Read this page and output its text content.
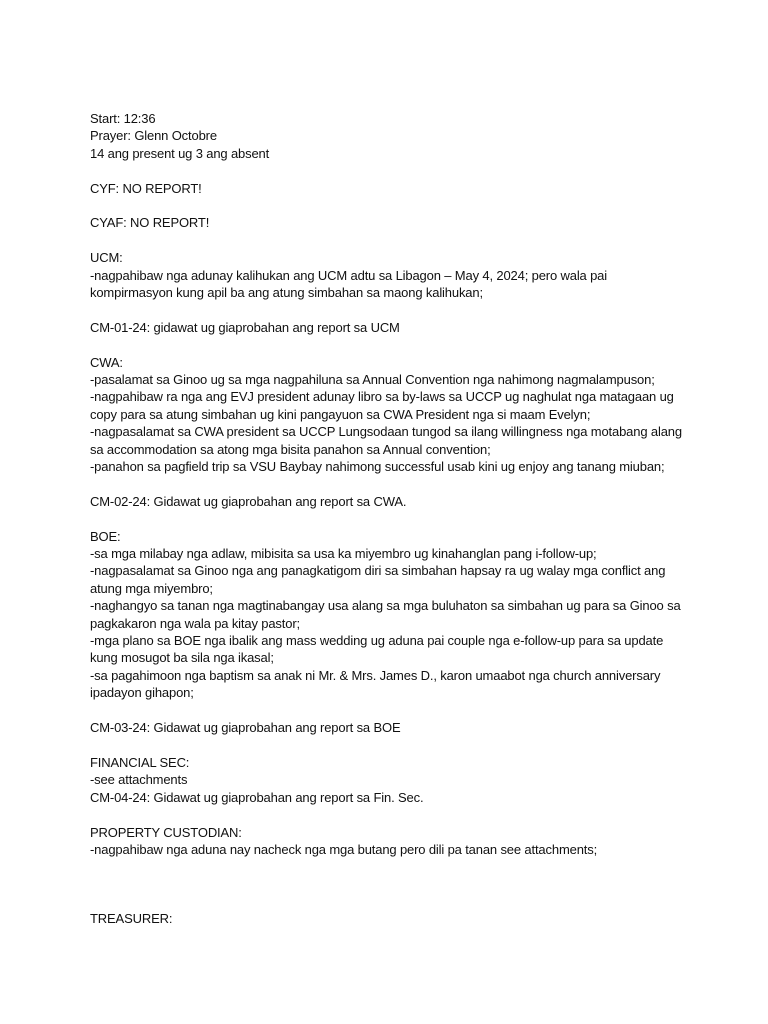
Start: 12:36
Prayer: Glenn Octobre
14 ang present ug 3 ang absent
CYF: NO REPORT!
CYAF: NO REPORT!
UCM:
-nagpahibaw nga adunay kalihukan ang UCM adtu sa Libagon – May 4, 2024; pero wala pai
kompirmasyon kung apil ba ang atung simbahan sa maong kalihukan;
CM-01-24: gidawat ug giaprobahan ang report sa UCM
CWA:
-pasalamat sa Ginoo ug sa mga nagpahiluna sa Annual Convention nga nahimong nagmalampuson;
-nagpahibaw ra nga ang EVJ president adunay libro sa by-laws sa UCCP ug naghulat nga matagaan ug
copy para sa atung simbahan ug kini pangayuon sa CWA President nga si maam Evelyn;
-nagpasalamat sa CWA president sa UCCP Lungsodaan tungod sa ilang willingness nga motabang alang
sa accommodation sa atong mga bisita panahon sa Annual convention;
-panahon sa pagfield trip sa VSU Baybay nahimong successful usab kini ug enjoy ang tanang miuban;
CM-02-24: Gidawat ug giaprobahan ang report sa CWA.
BOE:
-sa mga milabay nga adlaw, mibisita sa usa ka miyembro ug kinahanglan pang i-follow-up;
-nagpasalamat sa Ginoo nga ang panagkatigom diri sa simbahan hapsay ra ug walay mga conflict ang
atung mga miyembro;
-naghangyo sa tanan nga magtinabangay usa alang sa mga buluhaton sa simbahan ug para sa Ginoo sa
pagkakaron nga wala pa kitay pastor;
-mga plano sa BOE nga ibalik ang mass wedding ug aduna pai couple nga e-follow-up para sa update
kung mosugot ba sila nga ikasal;
-sa pagahimoon nga baptism sa anak ni Mr. & Mrs. James D., karon umaabot nga church anniversary
ipadayon gihapon;
CM-03-24: Gidawat ug giaprobahan ang report sa BOE
FINANCIAL SEC:
-see attachments
CM-04-24: Gidawat ug giaprobahan ang report sa Fin. Sec.
PROPERTY CUSTODIAN:
-nagpahibaw nga aduna nay nacheck nga mga butang pero dili pa tanan see attachments;
TREASURER:
